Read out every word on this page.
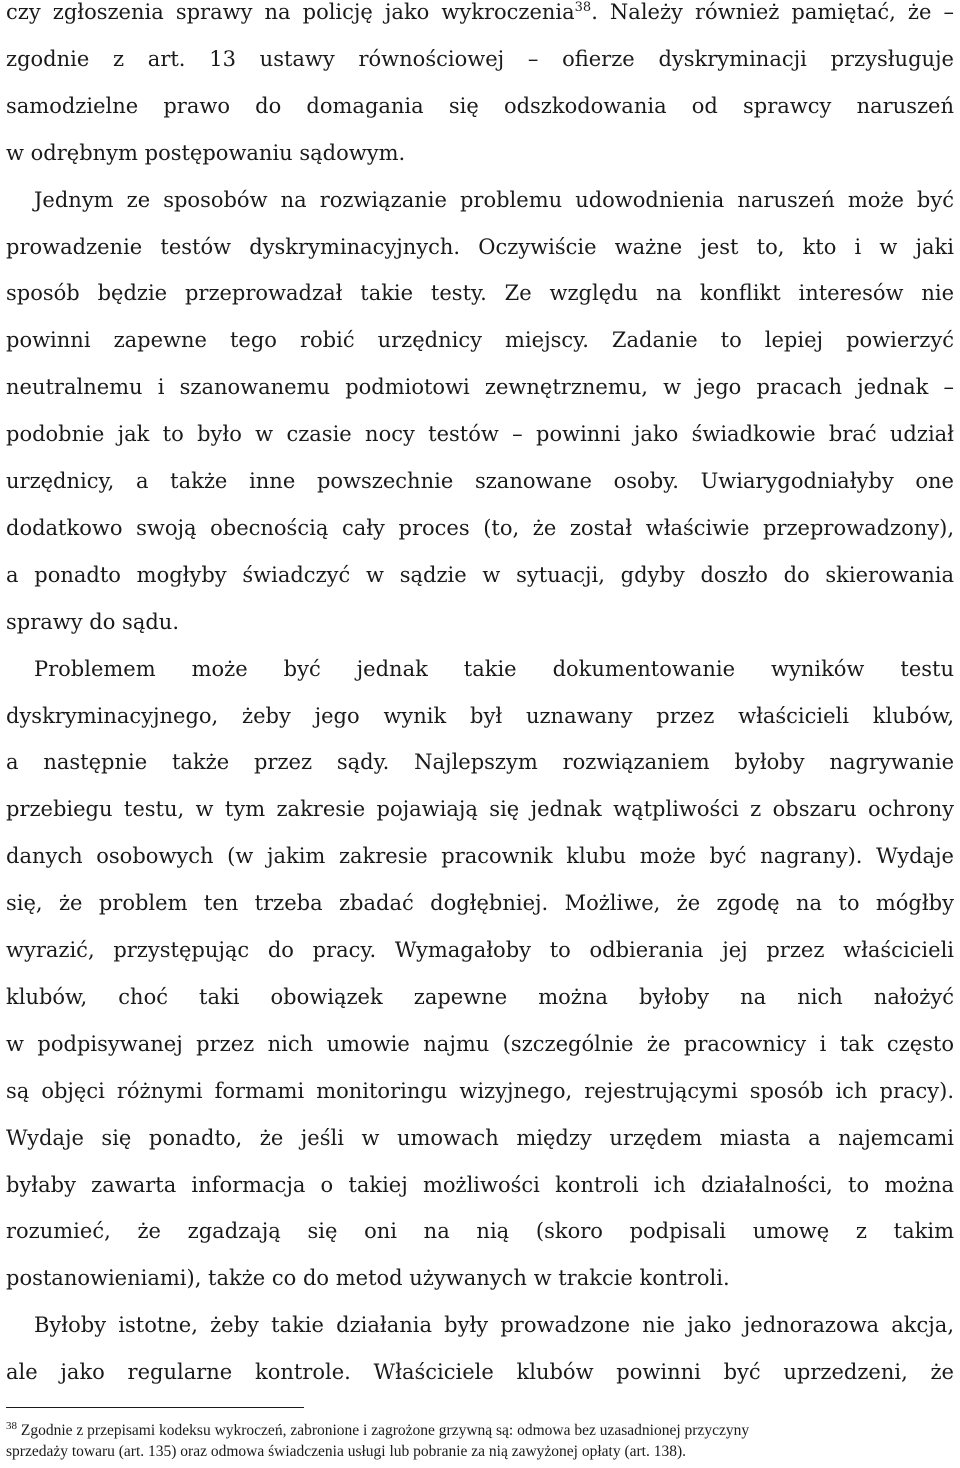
czy zgłoszenia sprawy na policję jako wykroczenia$^{38}$. Należy również pamiętać, że –
zgodnie z art. 13 ustawy równościowej – ofierze dyskryminacji przysługuje
samodzielne prawo do domagania się odszkodowania od sprawcy naruszeń
w odrębnym postępowaniu sądowym.
Jednym ze sposobów na rozwiązanie problemu udowodnienia naruszeń może być
prowadzenie testów dyskryminacyjnych. Oczywiście ważne jest to, kto i w jaki
sposób będzie przeprowadzał takie testy. Ze względu na konflikt interesów nie
powinni zapewne tego robić urzędnicy miejscy. Zadanie to lepiej powierzyć
neutralnemu i szanowanemu podmiotowi zewnętrznemu, w jego pracach jednak –
podobnie jak to było w czasie nocy testów – powinni jako świadkowie brać udział
urzędnicy, a także inne powszechnie szanowane osoby. Uwiarygodniałyby one
dodatkowo swoją obecnością cały proces (to, że został właściwie przeprowadzony),
a ponadto mogłyby świadczyć w sądzie w sytuacji, gdyby doszło do skierowania
sprawy do sądu.
Problemem może być jednak takie dokumentowanie wyników testu
dyskryminacyjnego, żeby jego wynik był uznawany przez właścicieli klubów,
a następnie także przez sądy. Najlepszym rozwiązaniem byłoby nagrywanie
przebiegu testu, w tym zakresie pojawiają się jednak wątpliwości z obszaru ochrony
danych osobowych (w jakim zakresie pracownik klubu może być nagrany). Wydaje
się, że problem ten trzeba zbadać dogłębniej. Możliwe, że zgodę na to mógłby
wyrazić, przystępując do pracy. Wymagałoby to odbierania jej przez właścicieli
klubów, choć taki obowiązek zapewne można byłoby na nich nałożyć
w podpisywanej przez nich umowie najmu (szczególnie że pracownicy i tak często
są objęci różnymi formami monitoringu wizyjnego, rejestrującymi sposób ich pracy).
Wydaje się ponadto, że jeśli w umowach między urzędem miasta a najemcami
byłaby zawarta informacja o takiej możliwości kontroli ich działalności, to można
rozumieć, że zgadzają się oni na nią (skoro podpisali umowę z takim
postanowieniami), także co do metod używanych w trakcie kontroli.
Byłoby istotne, żeby takie działania były prowadzone nie jako jednorazowa akcja,
ale jako regularne kontrole. Właściciele klubów powinni być uprzedzeni, że
$^{38}$ Zgodnie z przepisami kodeksu wykroczeń, zabronione i zagrożone grzywną są: odmowa bez uzasadnionej przyczyny
sprzedaży towaru (art. 135) oraz odmowa świadczenia usługi lub pobranie za nią zawyżonej opłaty (art. 138).
